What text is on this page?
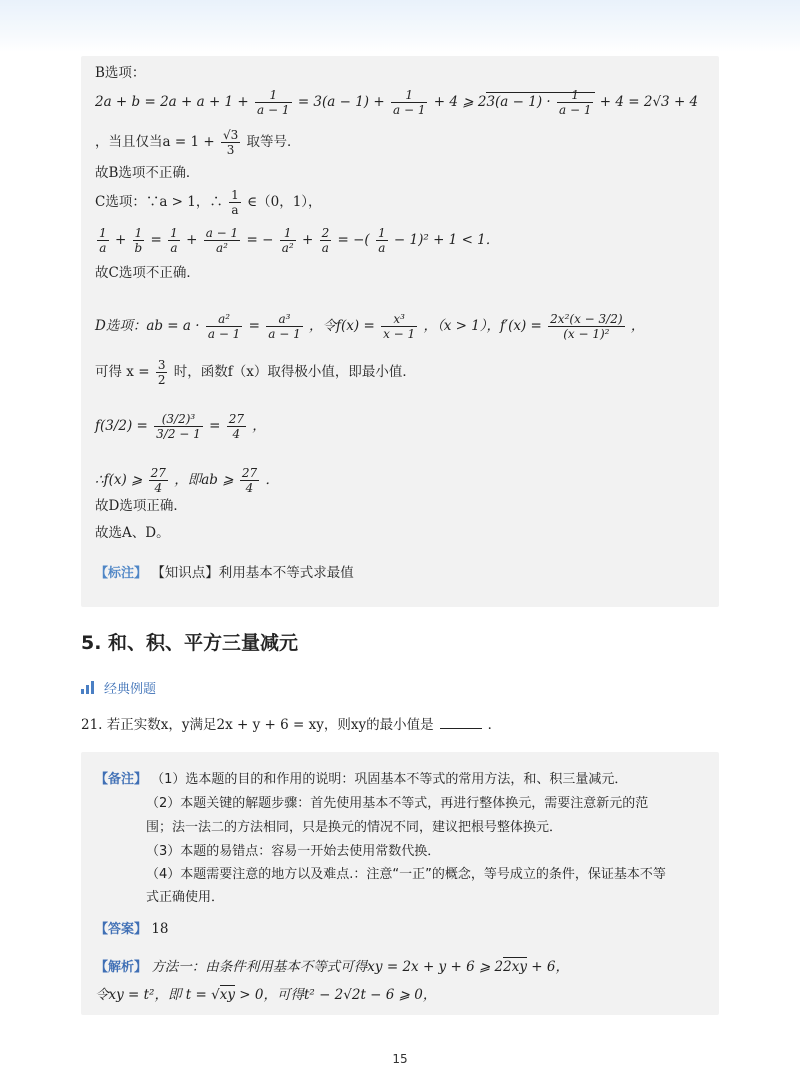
B选项：
$2a + b = 2a + a + 1 + \frac{1}{a - 1} = 3(a - 1) + \frac{1}{a - 1} + 4$ ⩾ $23(a - 1) \cdot \frac{1}{a - 1} + 4 = 2√3 + 4$
，当且仅当$a = 1 + \frac{√3}{3}$ 取等号．
故B选项不正确．
C选项：∵a > 1，∴ $\frac{1}{a}$ ∈（0，1），
$\frac{1}{a} + \frac{1}{b} = \frac{1}{a} + \frac{a - 1}{\text{a²}}$ = − $\frac{1}{\text{a²}} + \frac{2}{a}$ = −( $\frac{1}{a} - 1)^2 + 1 < 1$．
故C选项不正确．
D选项：ab = $a \cdot \frac{\text{a²}}{a - 1} = \frac{\text{a³}}{a - 1}$ ，令$f(x) = \frac{\text{x³}}{x - 1}$ ，（x > 1），$f'(x) = \frac{\text{2x²(x − 3/2)}}{\text{(x − 1)²}}$ ，
可得 $x = \frac{3}{2}$ 时，函数f（x）取得极小值，即最小值．
$f(3/2) = \frac{\text{(3/2)³}}{3/2 - 1} = \frac{27}{4}$ ，
∴f(x) ⩾ $\frac{27}{4}$ ，即ab ⩾ $\frac{27}{4}$ ．
故D选项正确．
故选A、D。
【标注】 【知识点】利用基本不等式求最值
5. 和、积、平方三量减元
经典例题
21. 若正实数x，y满足2x + y + 6 = xy，则xy的最小值是	．
【备注】 （1）选本题的目的和作用的说明：巩固基本不等式的常用方法，和、积三量减元．
（2）本题关键的解题步骤：首先使用基本不等式，再进行整体换元，需要注意新元的范
围；法一法二的方法相同，只是换元的情况不同，建议把根号整体换元．
（3）本题的易错点：容易一开始去使用常数代换．
（4）本题需要注意的地方以及难点.：注意“一正”的概念，等号成立的条件，保证基本不等
式正确使用．
【答案】 18
【解析】 方法一：由条件利用基本不等式可得xy = 2x + y + 6 ⩾ 22xy + 6，
令xy = t²，即 t = √xy > 0，可得t² − 2√2t − 6 ⩾ 0，
15
